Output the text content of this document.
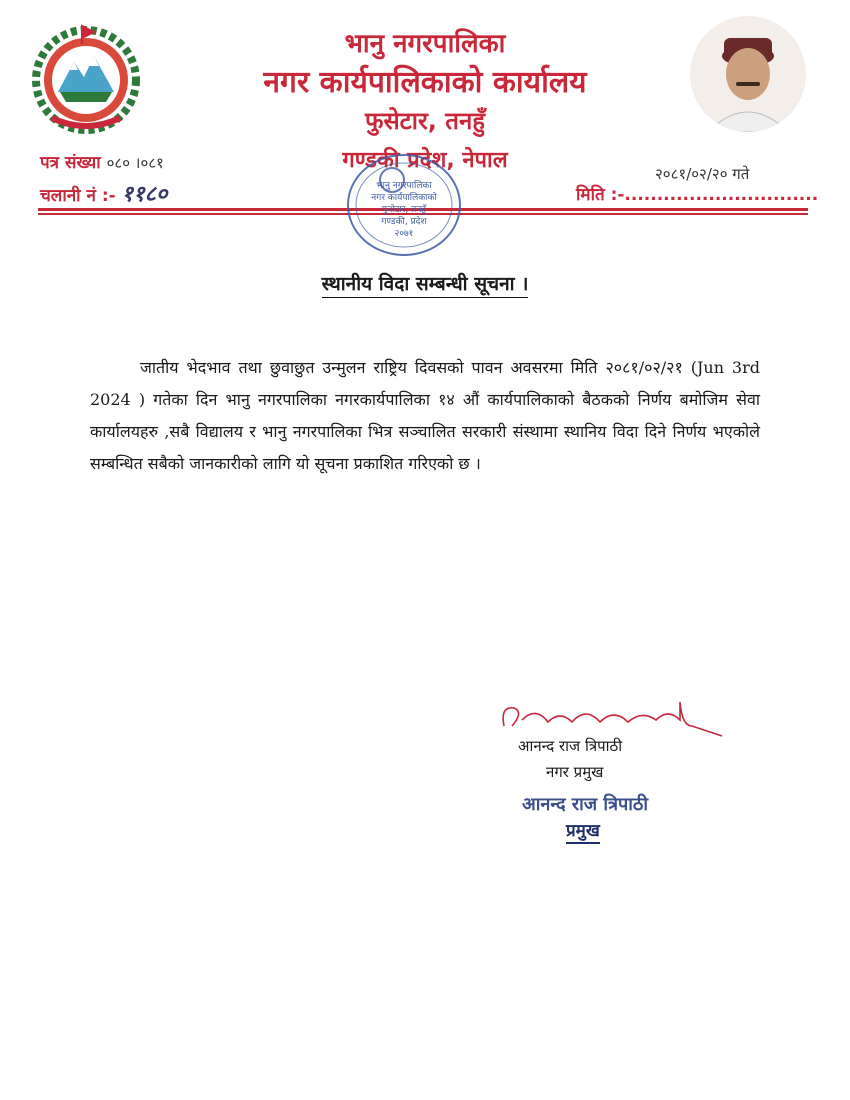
भानु नगरपालिका
नगर कार्यपालिकाको कार्यालय
फुसेटार, तनहुँ
गण्डकी प्रदेश, नेपाल
पत्र संख्या ०८० ।०८१
चलानी नं :- ११८०
२०८१/०२/२० गते
मिति :-..............................
भानु नगरपालिका
नगर कार्यपालिकाको
फुसेटार, तनहुँ
गण्डकी, प्रदेश
२०७१
स्थानीय विदा सम्बन्धी सूचना ।
जातीय भेदभाव तथा छुवाछुत उन्मुलन राष्ट्रिय दिवसको पावन अवसरमा मिति २०८१/०२/२१ (Jun 3rd 2024 ) गतेका दिन भानु नगरपालिका नगरकार्यपालिका १४ औं कार्यपालिकाको बैठकको निर्णय बमोजिम सेवा कार्यालयहरु ,सबै विद्यालय र भानु नगरपालिका भित्र सञ्चालित सरकारी संस्थामा स्थानिय विदा दिने निर्णय भएकोले सम्बन्धित सबैको जानकारीको लागि यो सूचना प्रकाशित गरिएको छ ।
आनन्द राज त्रिपाठी
नगर प्रमुख
आनन्द राज त्रिपाठी
प्रमुख
